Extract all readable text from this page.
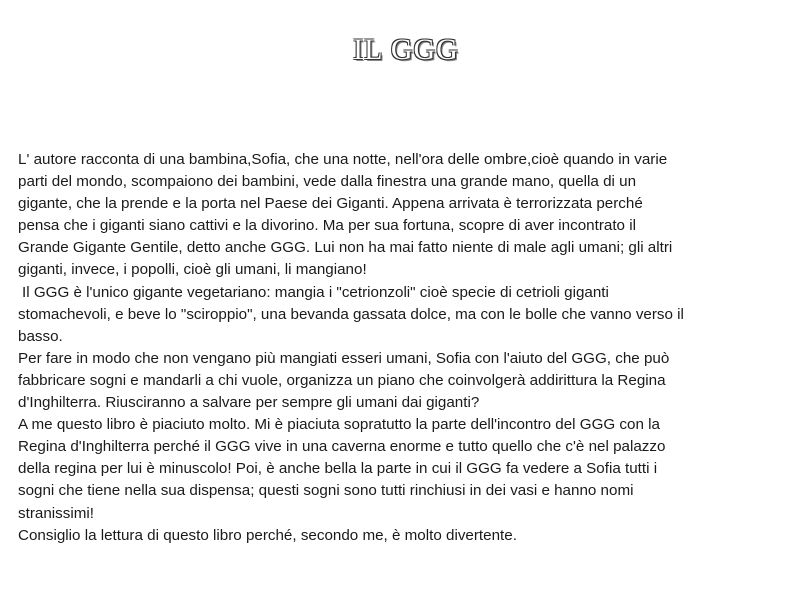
IL GGG
L' autore racconta di una bambina,Sofia, che una notte, nell'ora delle ombre,cioè quando in varie
parti del mondo, scompaiono dei bambini, vede dalla finestra una grande mano, quella di un
gigante, che la prende e la porta nel Paese dei Giganti. Appena arrivata è terrorizzata perché
pensa che i giganti siano cattivi e la divorino. Ma per sua fortuna, scopre di aver incontrato il
Grande Gigante Gentile, detto anche GGG. Lui non ha mai fatto niente di male agli umani; gli altri
giganti, invece, i popolli, cioè gli umani, li mangiano!
Il GGG è l'unico gigante vegetariano: mangia i "cetrionzoli" cioè specie di cetrioli giganti
stomachevoli, e beve lo "sciroppio", una bevanda gassata dolce, ma con le bolle che vanno verso il
basso.
Per fare in modo che non vengano più mangiati esseri umani, Sofia con l'aiuto del GGG, che può
fabbricare sogni e mandarli a chi vuole, organizza un piano che coinvolgerà addirittura la Regina
d'Inghilterra. Riusciranno a salvare per sempre gli umani dai giganti?
A me questo libro è piaciuto molto. Mi è piaciuta sopratutto la parte dell'incontro del GGG con la
Regina d'Inghilterra perché il GGG vive in una caverna enorme e tutto quello che c'è nel palazzo
della regina per lui è minuscolo! Poi, è anche bella la parte in cui il GGG fa vedere a Sofia tutti i
sogni che tiene nella sua dispensa; questi sogni sono tutti rinchiusi in dei vasi e hanno nomi
stranissimi!
Consiglio la lettura di questo libro perché, secondo me, è molto divertente.
